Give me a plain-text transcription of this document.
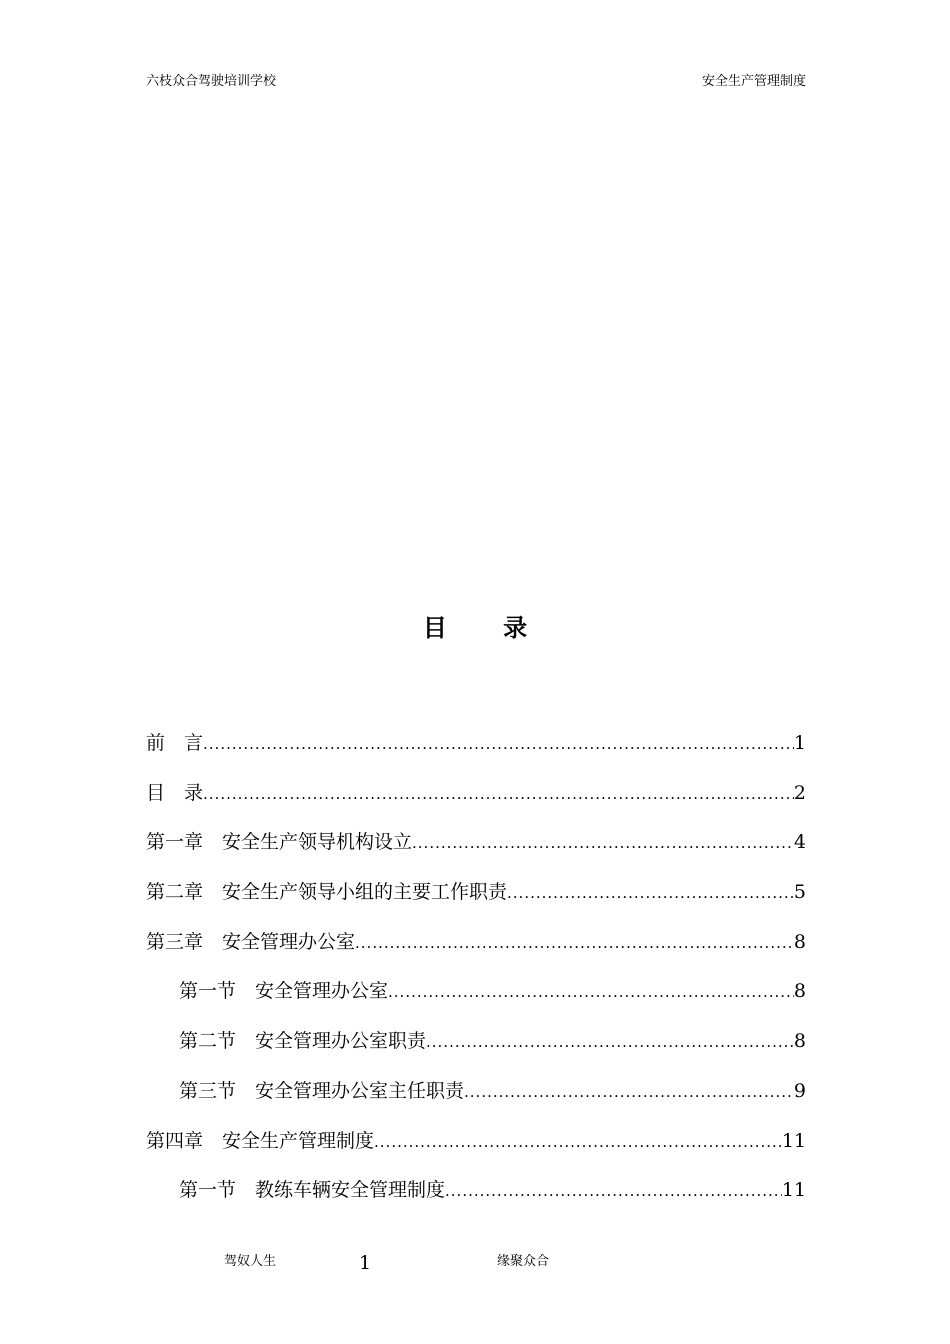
六枝众合驾驶培训学校	安全生产管理制度
目 录
前　言 .....	1
目　录 .....	2
第一章　安全生产领导机构设立 .....	4
第二章　安全生产领导小组的主要工作职责 .....	5
第三章　安全管理办公室 .....	8
第一节　安全管理办公室 .....	8
第二节　安全管理办公室职责 .....	8
第三节　安全管理办公室主任职责 .....	9
第四章　安全生产管理制度 .....	11
第一节　教练车辆安全管理制度 .....	11
驾奴人生	1	缘聚众合
